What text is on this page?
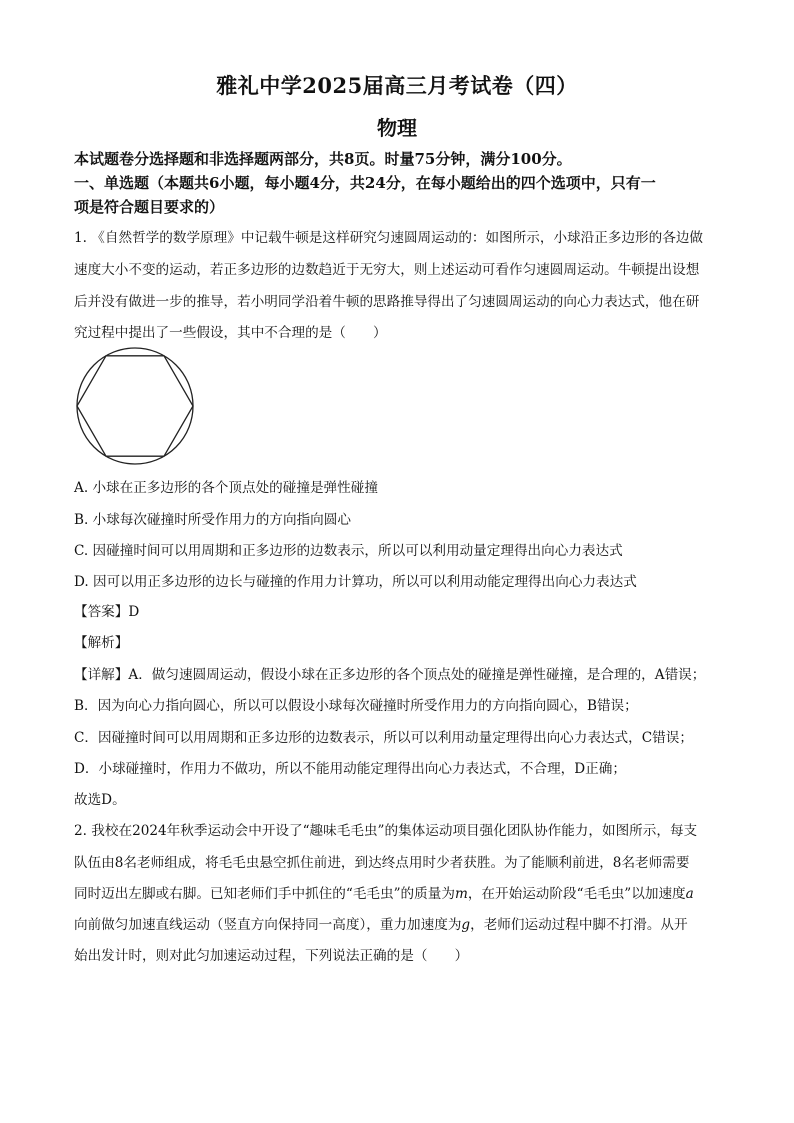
雅礼中学2025届高三月考试卷（四）
物理
本试题卷分选择题和非选择题两部分，共8页。时量75分钟，满分100分。
一、单选题（本题共6小题，每小题4分，共24分，在每小题给出的四个选项中，只有一
项是符合题目要求的）
1. 《自然哲学的数学原理》中记载牛顿是这样研究匀速圆周运动的：如图所示，小球沿正多边形的各边做
速度大小不变的运动，若正多边形的边数趋近于无穷大，则上述运动可看作匀速圆周运动。牛顿提出设想
后并没有做进一步的推导，若小明同学沿着牛顿的思路推导得出了匀速圆周运动的向心力表达式，他在研
究过程中提出了一些假设，其中不合理的是（　　）
A. 小球在正多边形的各个顶点处的碰撞是弹性碰撞
B. 小球每次碰撞时所受作用力的方向指向圆心
C. 因碰撞时间可以用周期和正多边形的边数表示，所以可以利用动量定理得出向心力表达式
D. 因可以用正多边形的边长与碰撞的作用力计算功，所以可以利用动能定理得出向心力表达式
【答案】D
【解析】
【详解】A．做匀速圆周运动，假设小球在正多边形的各个顶点处的碰撞是弹性碰撞，是合理的，A错误；
B．因为向心力指向圆心，所以可以假设小球每次碰撞时所受作用力的方向指向圆心，B错误；
C．因碰撞时间可以用周期和正多边形的边数表示，所以可以利用动量定理得出向心力表达式，C错误；
D．小球碰撞时，作用力不做功，所以不能用动能定理得出向心力表达式，不合理，D正确；
故选D。
2. 我校在2024年秋季运动会中开设了“趣味毛毛虫”的集体运动项目强化团队协作能力，如图所示，每支
队伍由8名老师组成，将毛毛虫悬空抓住前进，到达终点用时少者获胜。为了能顺利前进，8名老师需要
同时迈出左脚或右脚。已知老师们手中抓住的“毛毛虫”的质量为m，在开始运动阶段“毛毛虫”以加速度a
向前做匀加速直线运动（竖直方向保持同一高度），重力加速度为g，老师们运动过程中脚不打滑。从开
始出发计时，则对此匀加速运动过程，下列说法正确的是（　　）
